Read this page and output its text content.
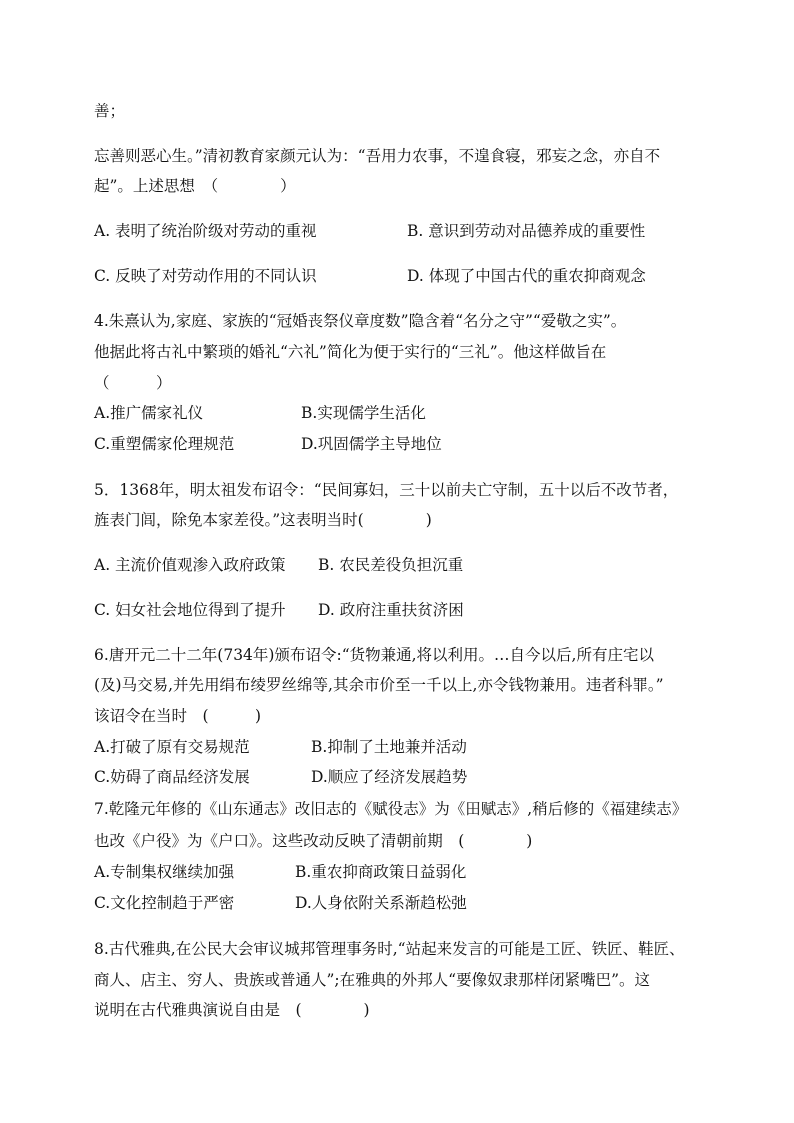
善；
忘善则恶心生。”清初教育家颜元认为：“吾用力农事，不遑食寝，邪妄之念，亦自不
起”。上述思想　（　　　　）
A. 表明了统治阶级对劳动的重视	B. 意识到劳动对品德养成的重要性
C. 反映了对劳动作用的不同认识	D. 体现了中国古代的重农抑商观念
4.朱熹认为,家庭、家族的“冠婚丧祭仪章度数”隐含着“名分之守”“爱敬之实”。
他据此将古礼中繁琐的婚礼“六礼”简化为便于实行的“三礼”。他这样做旨在
（　　　）
A.推广儒家礼仪	B.实现儒学生活化
C.重塑儒家伦理规范	D.巩固儒学主导地位
5．1368年，明太祖发布诏令：“民间寡妇，三十以前夫亡守制，五十以后不改节者，
旌表门闾，除免本家差役。”这表明当时(　　　　)
A. 主流价值观渗入政府政策 B. 农民差役负担沉重
C. 妇女社会地位得到了提升 D. 政府注重扶贫济困
6.唐开元二十二年(734年)颁布诏令:“货物兼通,将以利用。…自今以后,所有庄宅以
(及)马交易,并先用绢布绫罗丝绵等,其余市价至一千以上,亦令钱物兼用。违者科罪。”
该诏令在当时　(　　　)
A.打破了原有交易规范	B.抑制了土地兼并活动
C.妨碍了商品经济发展	D.顺应了经济发展趋势
7.乾隆元年修的《山东通志》改旧志的《赋役志》为《田赋志》,稍后修的《福建续志》
也改《户役》为《户口》。这些改动反映了清朝前期　(　　　　)
A.专制集权继续加强	B.重农抑商政策日益弱化
C.文化控制趋于严密	D.人身依附关系渐趋松弛
8.古代雅典,在公民大会审议城邦管理事务时,“站起来发言的可能是工匠、铁匠、鞋匠、
商人、店主、穷人、贵族或普通人”;在雅典的外邦人“要像奴隶那样闭紧嘴巴”。这
说明在古代雅典演说自由是　(　　　　)
